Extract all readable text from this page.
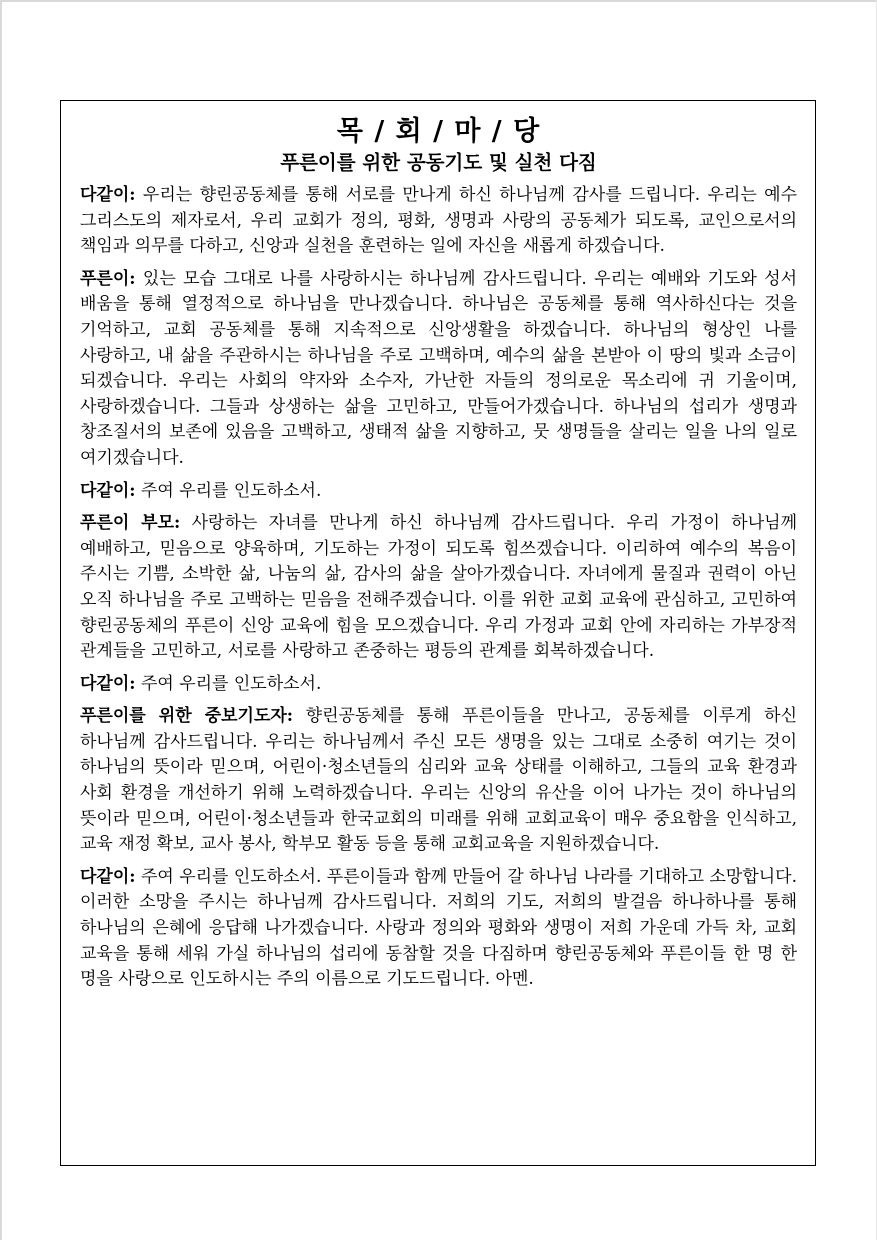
목 / 회 / 마 / 당

푸른이를 위한 공동기도 및 실천 다짐

다같이: 우리는 향린공동체를 통해 서로를 만나게 하신 하나님께 감사를 드립니다. 우리는 예수 그리스도의 제자로서, 우리 교회가 정의, 평화, 생명과 사랑의 공동체가 되도록, 교인으로서의 책임과 의무를 다하고, 신앙과 실천을 훈련하는 일에 자신을 새롭게 하겠습니다.

푸른이: 있는 모습 그대로 나를 사랑하시는 하나님께 감사드립니다. 우리는 예배와 기도와 성서 배움을 통해 열정적으로 하나님을 만나겠습니다. 하나님은 공동체를 통해 역사하신다는 것을 기억하고, 교회 공동체를 통해 지속적으로 신앙생활을 하겠습니다. 하나님의 형상인 나를 사랑하고, 내 삶을 주관하시는 하나님을 주로 고백하며, 예수의 삶을 본받아 이 땅의 빛과 소금이 되겠습니다. 우리는 사회의 약자와 소수자, 가난한 자들의 정의로운 목소리에 귀 기울이며, 사랑하겠습니다. 그들과 상생하는 삶을 고민하고, 만들어가겠습니다. 하나님의 섭리가 생명과 창조질서의 보존에 있음을 고백하고, 생태적 삶을 지향하고, 뭇 생명들을 살리는 일을 나의 일로 여기겠습니다.

다같이: 주여 우리를 인도하소서.

푸른이 부모: 사랑하는 자녀를 만나게 하신 하나님께 감사드립니다. 우리 가정이 하나님께 예배하고, 믿음으로 양육하며, 기도하는 가정이 되도록 힘쓰겠습니다. 이리하여 예수의 복음이 주시는 기쁨, 소박한 삶, 나눔의 삶, 감사의 삶을 살아가겠습니다. 자녀에게 물질과 권력이 아닌 오직 하나님을 주로 고백하는 믿음을 전해주겠습니다. 이를 위한 교회 교육에 관심하고, 고민하여 향린공동체의 푸른이 신앙 교육에 힘을 모으겠습니다. 우리 가정과 교회 안에 자리하는 가부장적 관계들을 고민하고, 서로를 사랑하고 존중하는 평등의 관계를 회복하겠습니다.

다같이: 주여 우리를 인도하소서.

푸른이를 위한 중보기도자: 향린공동체를 통해 푸른이들을 만나고, 공동체를 이루게 하신 하나님께 감사드립니다. 우리는 하나님께서 주신 모든 생명을 있는 그대로 소중히 여기는 것이 하나님의 뜻이라 믿으며, 어린이·청소년들의 심리와 교육 상태를 이해하고, 그들의 교육 환경과 사회 환경을 개선하기 위해 노력하겠습니다. 우리는 신앙의 유산을 이어 나가는 것이 하나님의 뜻이라 믿으며, 어린이·청소년들과 한국교회의 미래를 위해 교회교육이 매우 중요함을 인식하고, 교육 재정 확보, 교사 봉사, 학부모 활동 등을 통해 교회교육을 지원하겠습니다.

다같이: 주여 우리를 인도하소서. 푸른이들과 함께 만들어 갈 하나님 나라를 기대하고 소망합니다. 이러한 소망을 주시는 하나님께 감사드립니다. 저희의 기도, 저희의 발걸음 하나하나를 통해 하나님의 은혜에 응답해 나가겠습니다. 사랑과 정의와 평화와 생명이 저희 가운데 가득 차, 교회 교육을 통해 세워 가실 하나님의 섭리에 동참할 것을 다짐하며 향린공동체와 푸른이들 한 명 한 명을 사랑으로 인도하시는 주의 이름으로 기도드립니다. 아멘.
